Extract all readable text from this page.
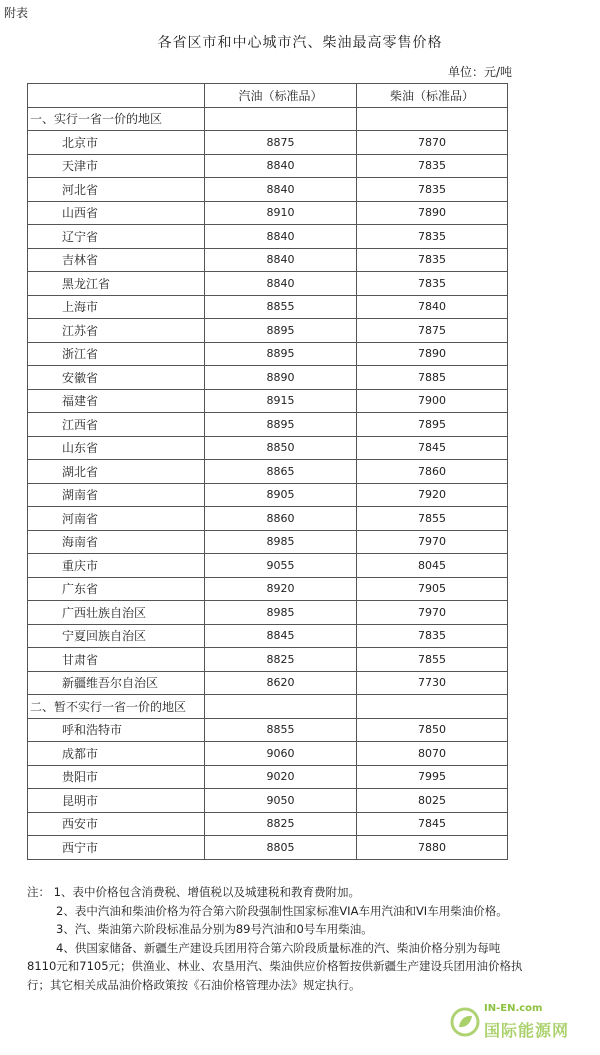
附表
各省区市和中心城市汽、柴油最高零售价格
单位：元/吨
	汽油（标准品）	柴油（标准品）
一、实行一省一价的地区		
北京市	8875	7870
天津市	8840	7835
河北省	8840	7835
山西省	8910	7890
辽宁省	8840	7835
吉林省	8840	7835
黑龙江省	8840	7835
上海市	8855	7840
江苏省	8895	7875
浙江省	8895	7890
安徽省	8890	7885
福建省	8915	7900
江西省	8895	7895
山东省	8850	7845
湖北省	8865	7860
湖南省	8905	7920
河南省	8860	7855
海南省	8985	7970
重庆市	9055	8045
广东省	8920	7905
广西壮族自治区	8985	7970
宁夏回族自治区	8845	7835
甘肃省	8825	7855
新疆维吾尔自治区	8620	7730
二、暂不实行一省一价的地区		
呼和浩特市	8855	7850
成都市	9060	8070
贵阳市	9020	7995
昆明市	9050	8025
西安市	8825	7845
西宁市	8805	7880

注： 1、表中价格包含消费税、增值税以及城建税和教育费附加。

2、表中汽油和柴油价格为符合第六阶段强制性国家标准VIA车用汽油和VI车用柴油价格。

3、汽、柴油第六阶段标准品分别为89号汽油和0号车用柴油。

4、供国家储备、新疆生产建设兵团用符合第六阶段质量标准的汽、柴油价格分别为每吨8110元和7105元；供渔业、林业、农垦用汽、柴油供应价格暂按供新疆生产建设兵团用油价格执行；其它相关成品油价格政策按《石油价格管理办法》规定执行。

IN-EN.com
国际能源网
